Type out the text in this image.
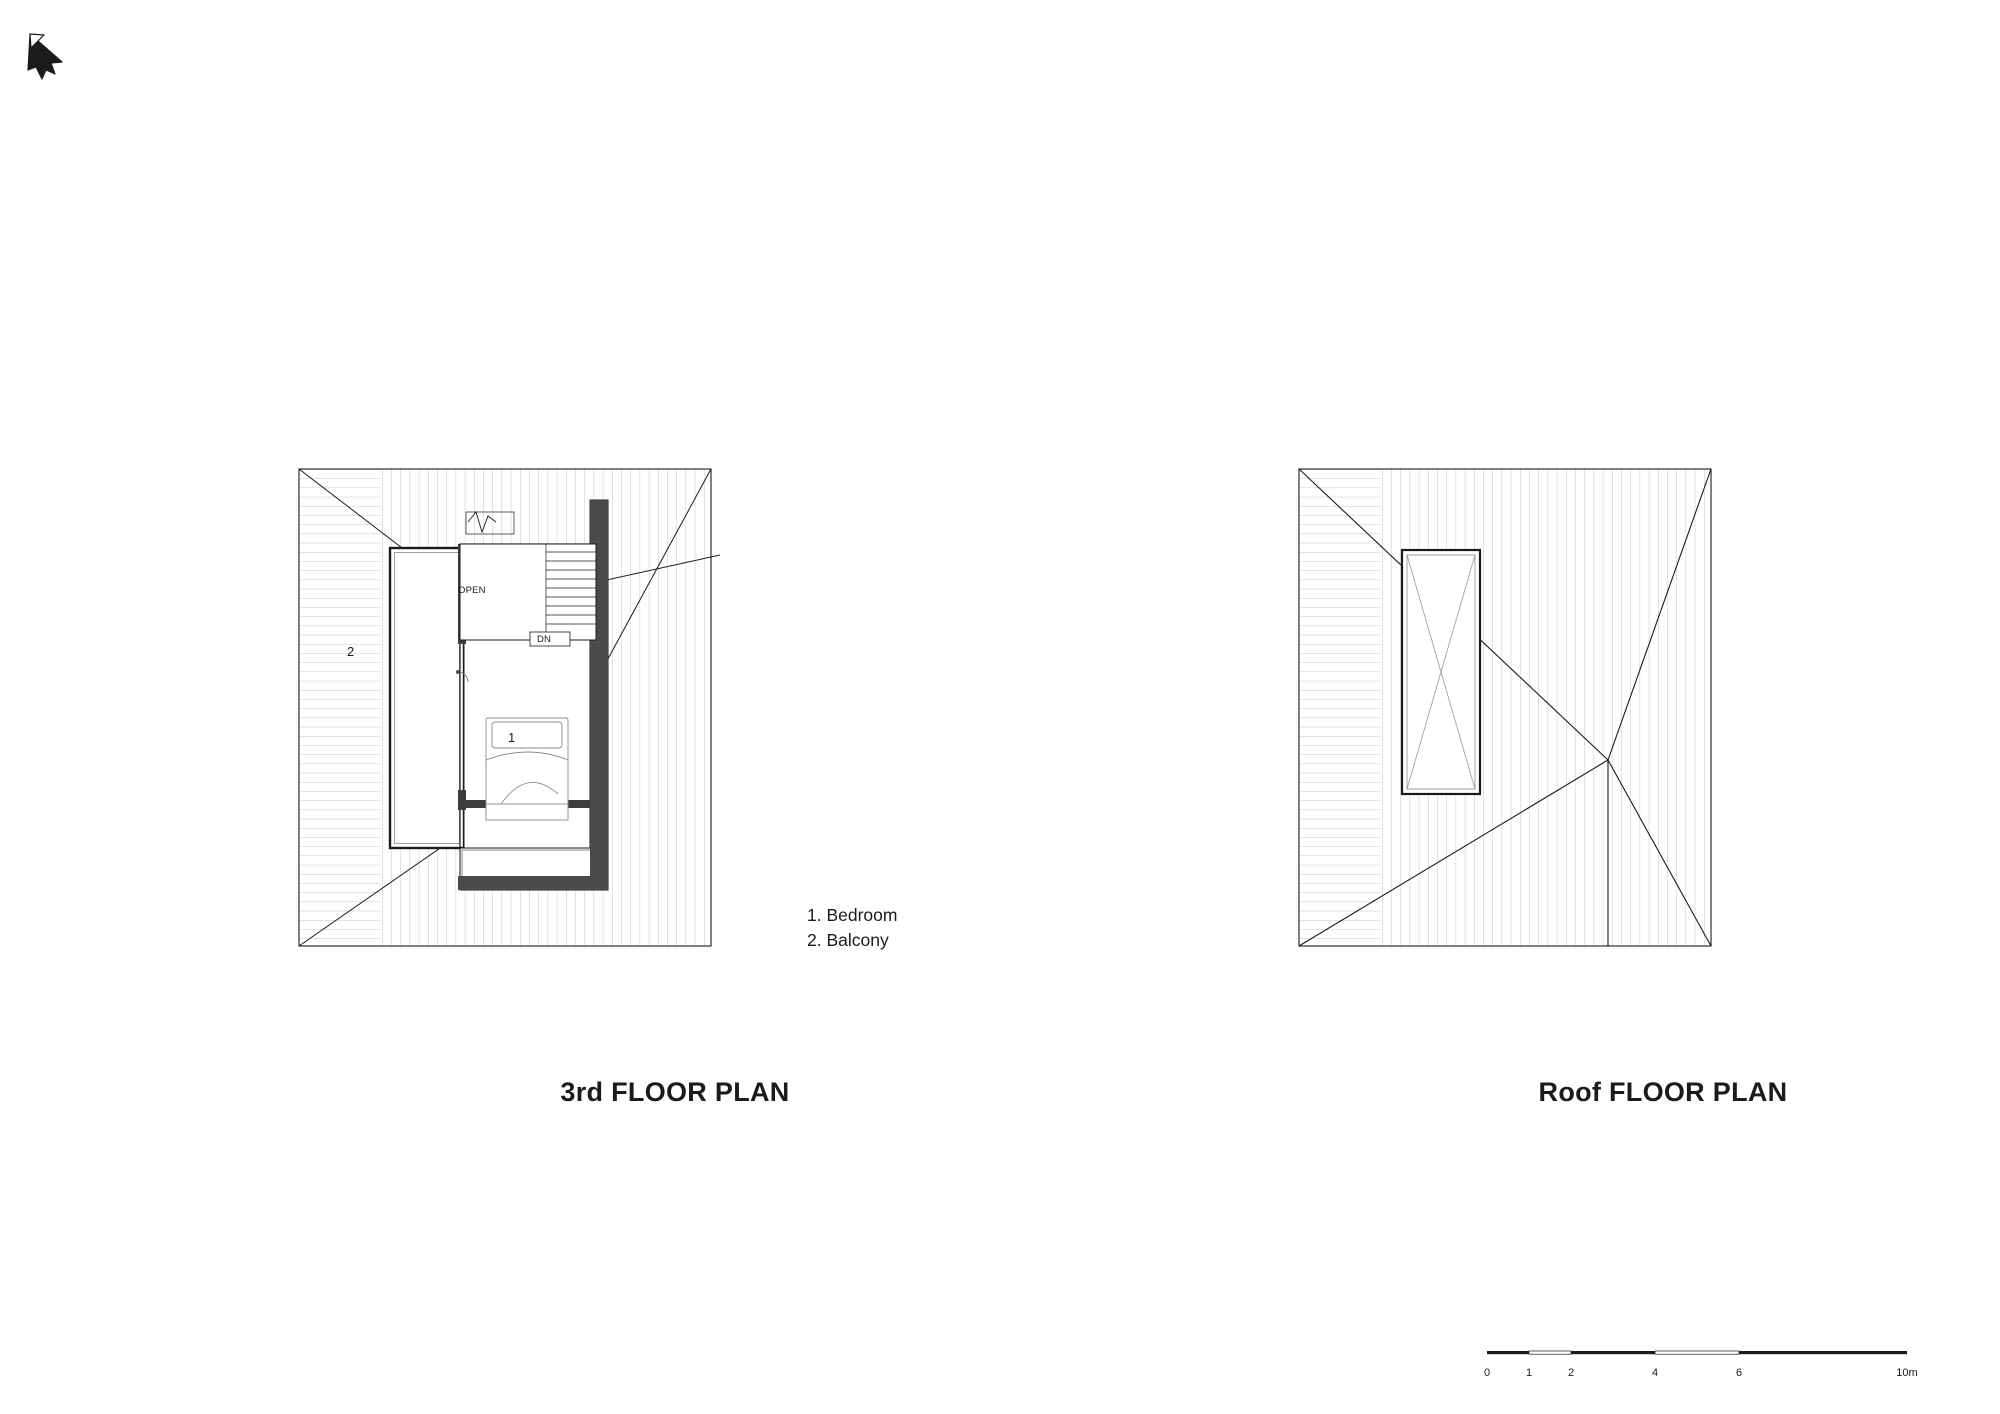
2
1
OPEN
DN
3rd FLOOR PLAN	Roof FLOOR PLAN
1. Bedroom
2. Balcony
0	1	2	4	6	10m
